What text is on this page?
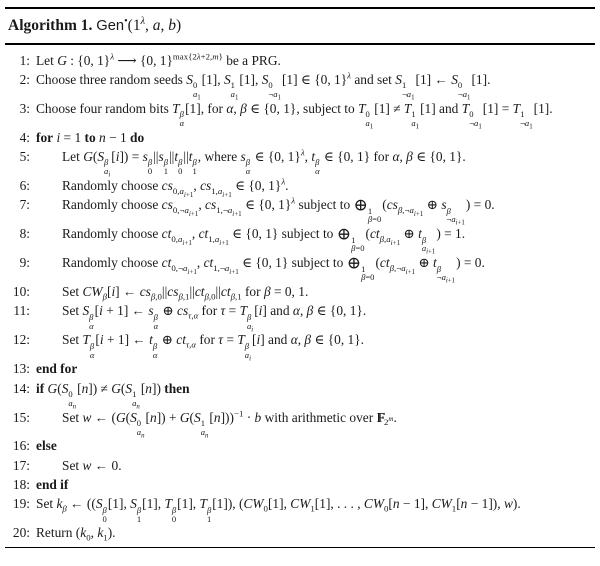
Algorithm 1. $Gen^•(1^\lambda$, a, b)
1: Let G : {0, 1}$^\lambda$ ⟶ {0, 1}$^{max\{2\lambda+2,m\}}$ be a PRG.
2: Choose three random seeds S 0
$a_1$
[1], S 1
$a_1$
[1], S 0
$\neg a_1$
[1] ∈ {0, 1}$^\lambda$ and set S 1
$\neg a_1$
[1] ← S 0
$\neg a_1$
[1].
3: Choose four random bits T β
α
[1], for α, β ∈ {0, 1}, subject to T 0
$a_1$
[1] ≠ T 1
$a_1$
[1] and T 0
$\neg a_1$
[1] = T 1
$\neg a_1$
[1].
4: for i = 1 to n − 1 do
5:	Let G(S β
$a_i$
[i]) = s β
0
||s β
1
||t β
0
||t β
1
, where s β
α
∈ {0, 1}$^\lambda$, t β
α
∈ {0, 1} for α, β ∈ {0, 1}.
6:	Randomly choose $cs_{0,a_{i+1}}$, $cs_{1,a_{i+1}}$ ∈ {0, 1}$^\lambda$.
7:	Randomly choose $cs_{0,\neg a_{i+1}}$, $cs_{1,\neg a_{i+1}}$ ∈ {0, 1}$^\lambda$ subject to ⊕ 1
β=0
($cs_{\beta,\neg a_{i+1}}$ ⊕ s β
$\neg a_{i+1}$
) = 0.
8:	Randomly choose $ct_{0,a_{i+1}}$, $ct_{1,a_{i+1}}$ ∈ {0, 1} subject to ⊕ 1
β=0
($ct_{\beta,a_{i+1}}$ ⊕ t β
$a_{i+1}$
) = 1.
9:	Randomly choose $ct_{0,\neg a_{i+1}}$, $ct_{1,\neg a_{i+1}}$ ∈ {0, 1} subject to ⊕ 1
β=0
($ct_{\beta,\neg a_{i+1}}$ ⊕ t β
$\neg a_{i+1}$
) = 0.
10:	Set $CW_\beta[i]$ ← $cs_{\beta,0}||cs_{\beta,1}||ct_{\beta,0}||ct_{\beta,1}$ for β = 0, 1.
11:	Set S β
α
[i + 1] ← s β
α
⊕ $cs_{\tau,\alpha}$ for τ = T β
$a_i$
[i] and α, β ∈ {0, 1}.
12:	Set T β
α
[i + 1] ← t β
α
⊕ $ct_{\tau,\alpha}$ for τ = T β
$a_i$
[i] and α, β ∈ {0, 1}.
13: end for
14: if G(S 0
$a_n$
[n]) ≠ G(S 1
$a_n$
[n]) then
15:	Set w ← (G(S 0
$a_n$
[n]) + G(S 1
$a_n$
[n]))$^{-1}$ · b with arithmetic over F $F_{2^m}$.
16: else
17:	Set w ← 0.
18: end if
19: Set $k_\beta$ ← ((S β
0
[1], S β
1
[1], T β
0
[1], T β
1
[1]), ($CW_0[1]$, $CW_1[1]$, . . . , $CW_0[n - 1]$, $CW_1[n - 1]$), w).
20: Return ($k_0$, $k_1$).
